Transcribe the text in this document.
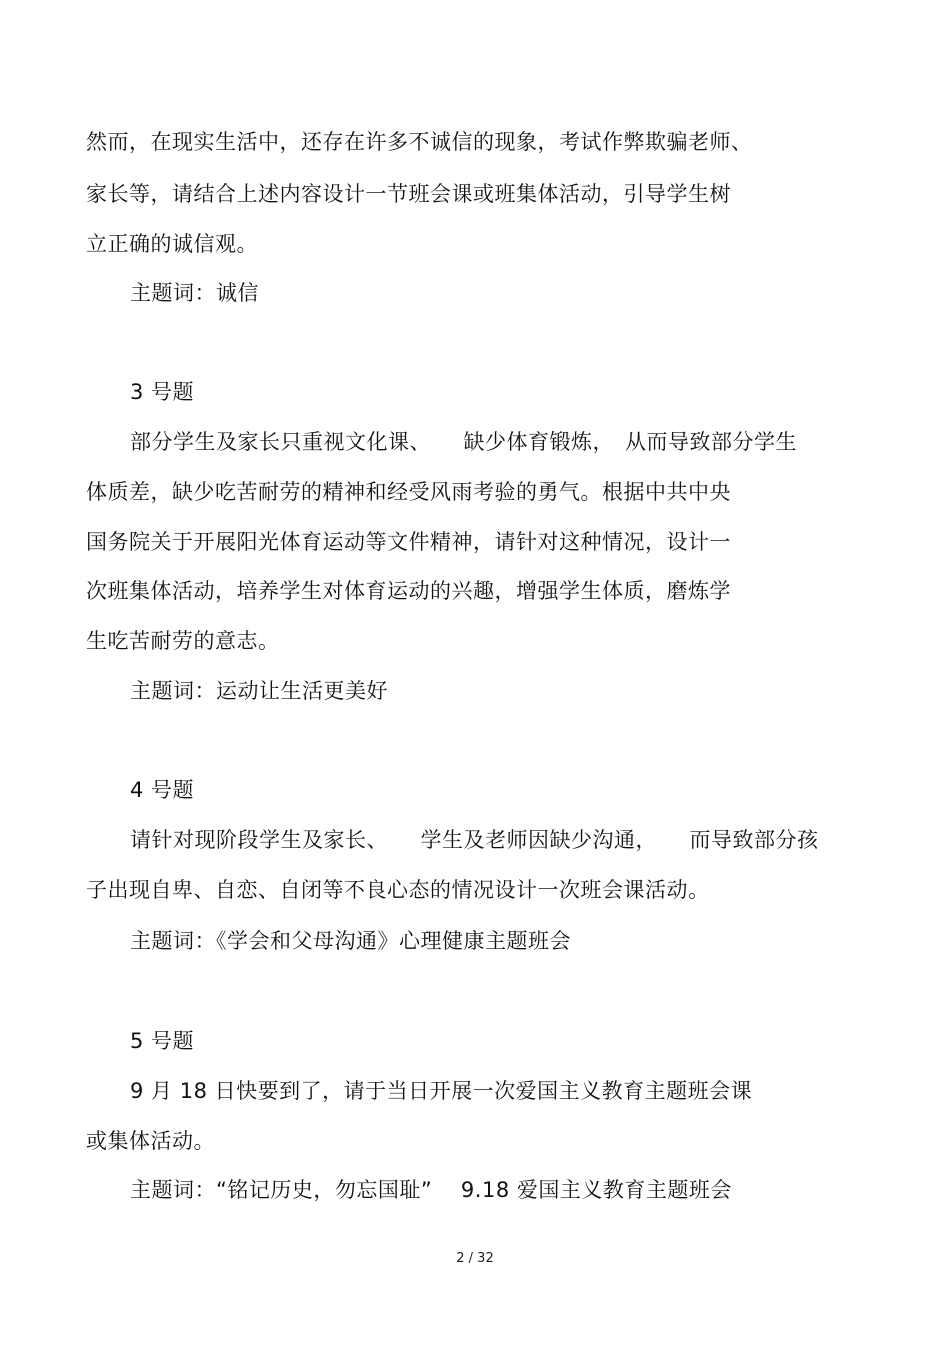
然而，在现实生活中，还存在许多不诚信的现象，考试作弊欺骗老师、
家长等，请结合上述内容设计一节班会课或班集体活动，引导学生树
立正确的诚信观。
主题词：诚信
3 号题
部分学生及家长只重视文化课、　　缺少体育锻炼，　从而导致部分学生
体质差，缺少吃苦耐劳的精神和经受风雨考验的勇气。根据中共中央
国务院关于开展阳光体育运动等文件精神，请针对这种情况，设计一
次班集体活动，培养学生对体育运动的兴趣，增强学生体质，磨炼学
生吃苦耐劳的意志。
主题词：运动让生活更美好
4 号题
请针对现阶段学生及家长、　　学生及老师因缺少沟通，　　而导致部分孩
子出现自卑、自恋、自闭等不良心态的情况设计一次班会课活动。
主题词：《学会和父母沟通》心理健康主题班会
5 号题
9 月 18 日快要到了，请于当日开展一次爱国主义教育主题班会课
或集体活动。
主题词：“铭记历史，勿忘国耻”　 9.18 爱国主义教育主题班会
2 / 32
